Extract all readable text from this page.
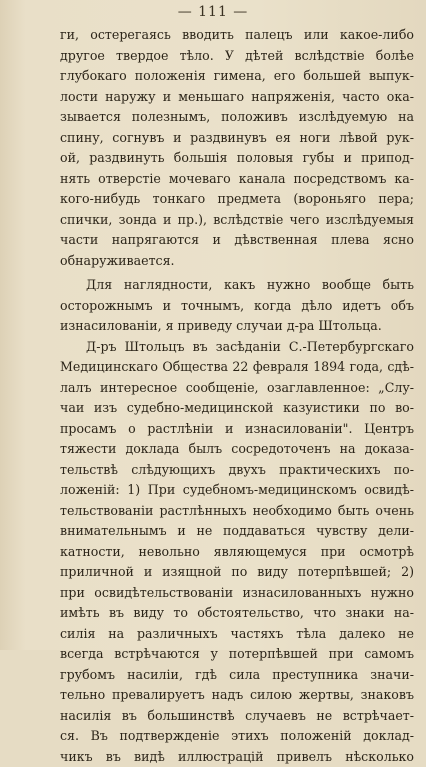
— 111 —
ги, остерегаясь вводить палецъ или какое-либо
другое твердое тѣло. У дѣтей вслѣдствіе болѣе
глубокаго положенія гимена, его большей выпук-
лости наружу и меньшаго напряженія, часто ока-
зывается полезнымъ, положивъ изслѣдуемую на
спину, согнувъ и раздвинувъ ея ноги лѣвой рук-
ой, раздвинуть большія половыя губы и припод-
нять отверстіе мочеваго канала посредствомъ ка-
кого-нибудь тонкаго предмета (вороньяго пера;
спички, зонда и пр.), вслѣдствіе чего изслѣдуемыя
части напрягаются и дѣвственная плева ясно
обнаруживается.
Для наглядности, какъ нужно вообще быть
осторожнымъ и точнымъ, когда дѣло идетъ объ
изнасилованіи, я приведу случаи д-ра Штольца.
Д-ръ Штольцъ въ засѣданіи С.-Петербургскаго
Медицинскаго Общества 22 февраля 1894 года, сдѣ-
лалъ интересное сообщеніе, озаглавленное: „Слу-
чаи изъ судебно-медицинской казуистики по во-
просамъ о растлѣніи и изнасилованіи". Центръ
тяжести доклада былъ сосредоточенъ на доказа-
тельствѣ слѣдующихъ двухъ практическихъ по-
ложеній: 1) При судебномъ-медицинскомъ освидѣ-
тельствованіи растлѣнныхъ необходимо быть очень
внимательнымъ и не поддаваться чувству дели-
катности, невольно являющемуся при осмотрѣ
приличной и изящной по виду потерпѣвшей; 2)
при освидѣтельствованіи изнасилованныхъ нужно
имѣть въ виду то обстоятельство, что знаки на-
силія на различныхъ частяхъ тѣла далеко не
всегда встрѣчаются у потерпѣвшей при самомъ
грубомъ насиліи, гдѣ сила преступника значи-
тельно превалируетъ надъ силою жертвы, знаковъ
насилія въ большинствѣ случаевъ не встрѣчает-
ся. Въ подтвержденіе этихъ положеній доклад-
чикъ въ видѣ иллюстрацій привелъ нѣсколько
